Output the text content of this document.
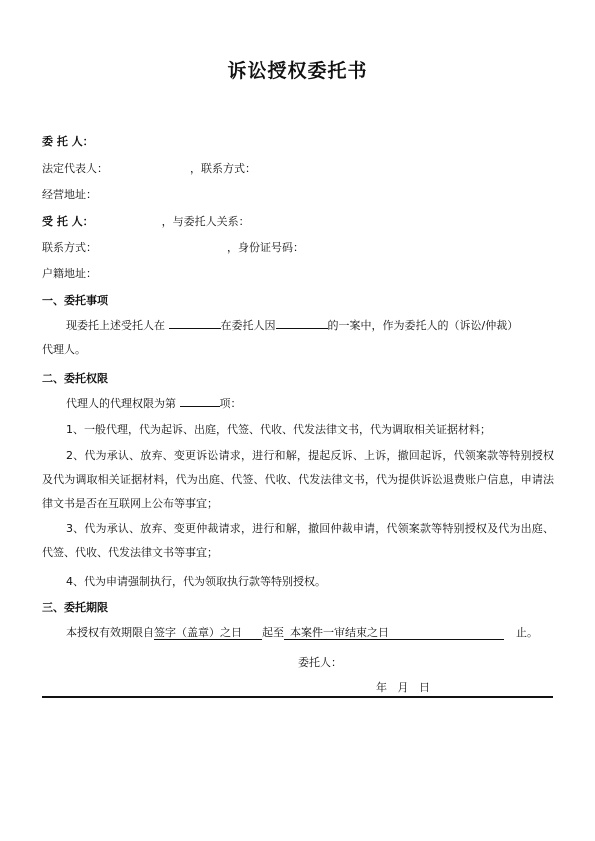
诉讼授权委托书
委 托 人：
法定代表人：	，联系方式：
经营地址：
受 托 人：	，与委托人关系：
联系方式：	，身份证号码：
户籍地址：
一、委托事项
现委托上述受托人在	在委托人因	的一案中，作为委托人的（诉讼/仲裁）
代理人。
二、委托权限
代理人的代理权限为第	项：
1、一般代理，代为起诉、出庭，代签、代收、代发法律文书，代为调取相关证据材料；
2、代为承认、放弃、变更诉讼请求，进行和解，提起反诉、上诉，撤回起诉，代领案款等特别授权及代为调取相关证据材料，代为出庭、代签、代收、代发法律文书，代为提供诉讼退费账户信息，申请法律文书是否在互联网上公布等事宜；
3、代为承认、放弃、变更仲裁请求，进行和解，撤回仲裁申请，代领案款等特别授权及代为出庭、代签、代收、代发法律文书等事宜；
4、代为申请强制执行，代为领取执行款等特别授权。
三、委托期限
本授权有效期限自签字（盖章）之日 起至 本案件一审结束之日	止。
委托人：
年   月   日
